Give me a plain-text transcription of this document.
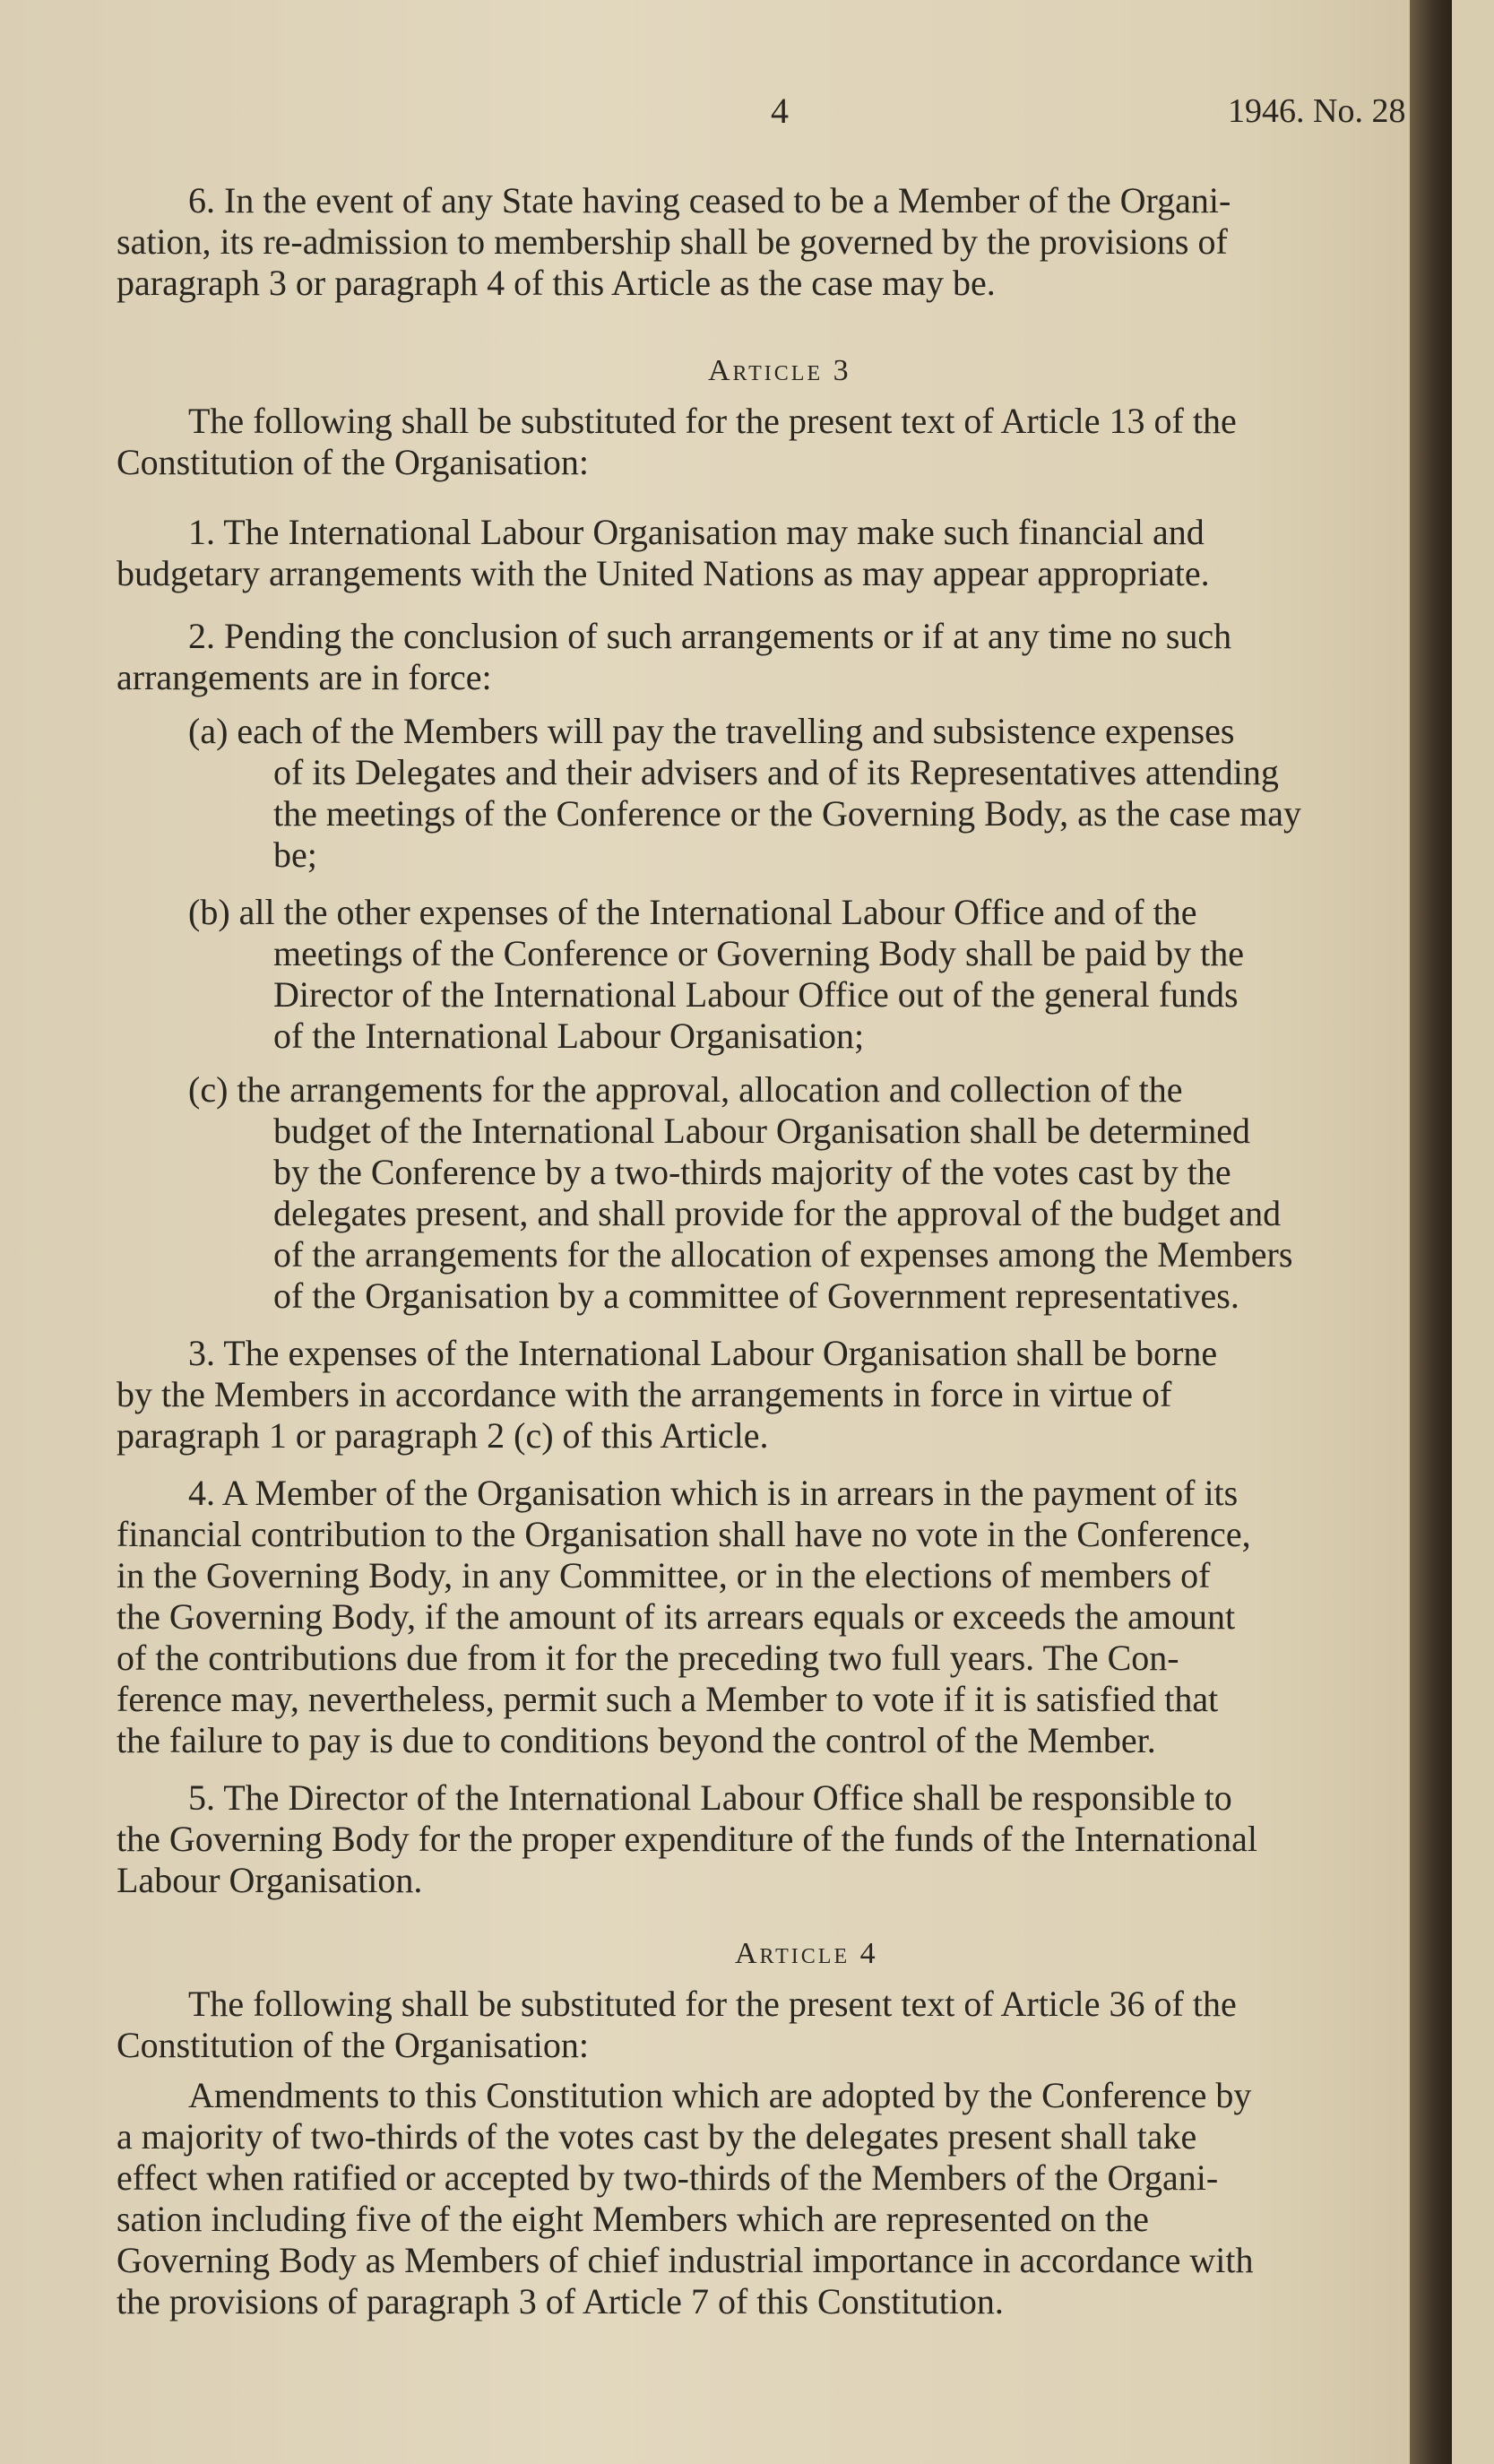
4	1946. No. 28
6. In the event of any State having ceased to be a Member of the Organi-
sation, its re-admission to membership shall be governed by the provisions of
paragraph 3 or paragraph 4 of this Article as the case may be.
Article 3
The following shall be substituted for the present text of Article 13 of the
Constitution of the Organisation:
1. The International Labour Organisation may make such financial and
budgetary arrangements with the United Nations as may appear appropriate.
2. Pending the conclusion of such arrangements or if at any time no such
arrangements are in force:
(a) each of the Members will pay the travelling and subsistence expenses
of its Delegates and their advisers and of its Representatives attending
the meetings of the Conference or the Governing Body, as the case may
be;
(b) all the other expenses of the International Labour Office and of the
meetings of the Conference or Governing Body shall be paid by the
Director of the International Labour Office out of the general funds
of the International Labour Organisation;
(c) the arrangements for the approval, allocation and collection of the
budget of the International Labour Organisation shall be determined
by the Conference by a two-thirds majority of the votes cast by the
delegates present, and shall provide for the approval of the budget and
of the arrangements for the allocation of expenses among the Members
of the Organisation by a committee of Government representatives.
3. The expenses of the International Labour Organisation shall be borne
by the Members in accordance with the arrangements in force in virtue of
paragraph 1 or paragraph 2 (c) of this Article.
4. A Member of the Organisation which is in arrears in the payment of its
financial contribution to the Organisation shall have no vote in the Conference,
in the Governing Body, in any Committee, or in the elections of members of
the Governing Body, if the amount of its arrears equals or exceeds the amount
of the contributions due from it for the preceding two full years. The Con-
ference may, nevertheless, permit such a Member to vote if it is satisfied that
the failure to pay is due to conditions beyond the control of the Member.
5. The Director of the International Labour Office shall be responsible to
the Governing Body for the proper expenditure of the funds of the International
Labour Organisation.
Article 4
The following shall be substituted for the present text of Article 36 of the
Constitution of the Organisation:
Amendments to this Constitution which are adopted by the Conference by
a majority of two-thirds of the votes cast by the delegates present shall take
effect when ratified or accepted by two-thirds of the Members of the Organi-
sation including five of the eight Members which are represented on the
Governing Body as Members of chief industrial importance in accordance with
the provisions of paragraph 3 of Article 7 of this Constitution.
